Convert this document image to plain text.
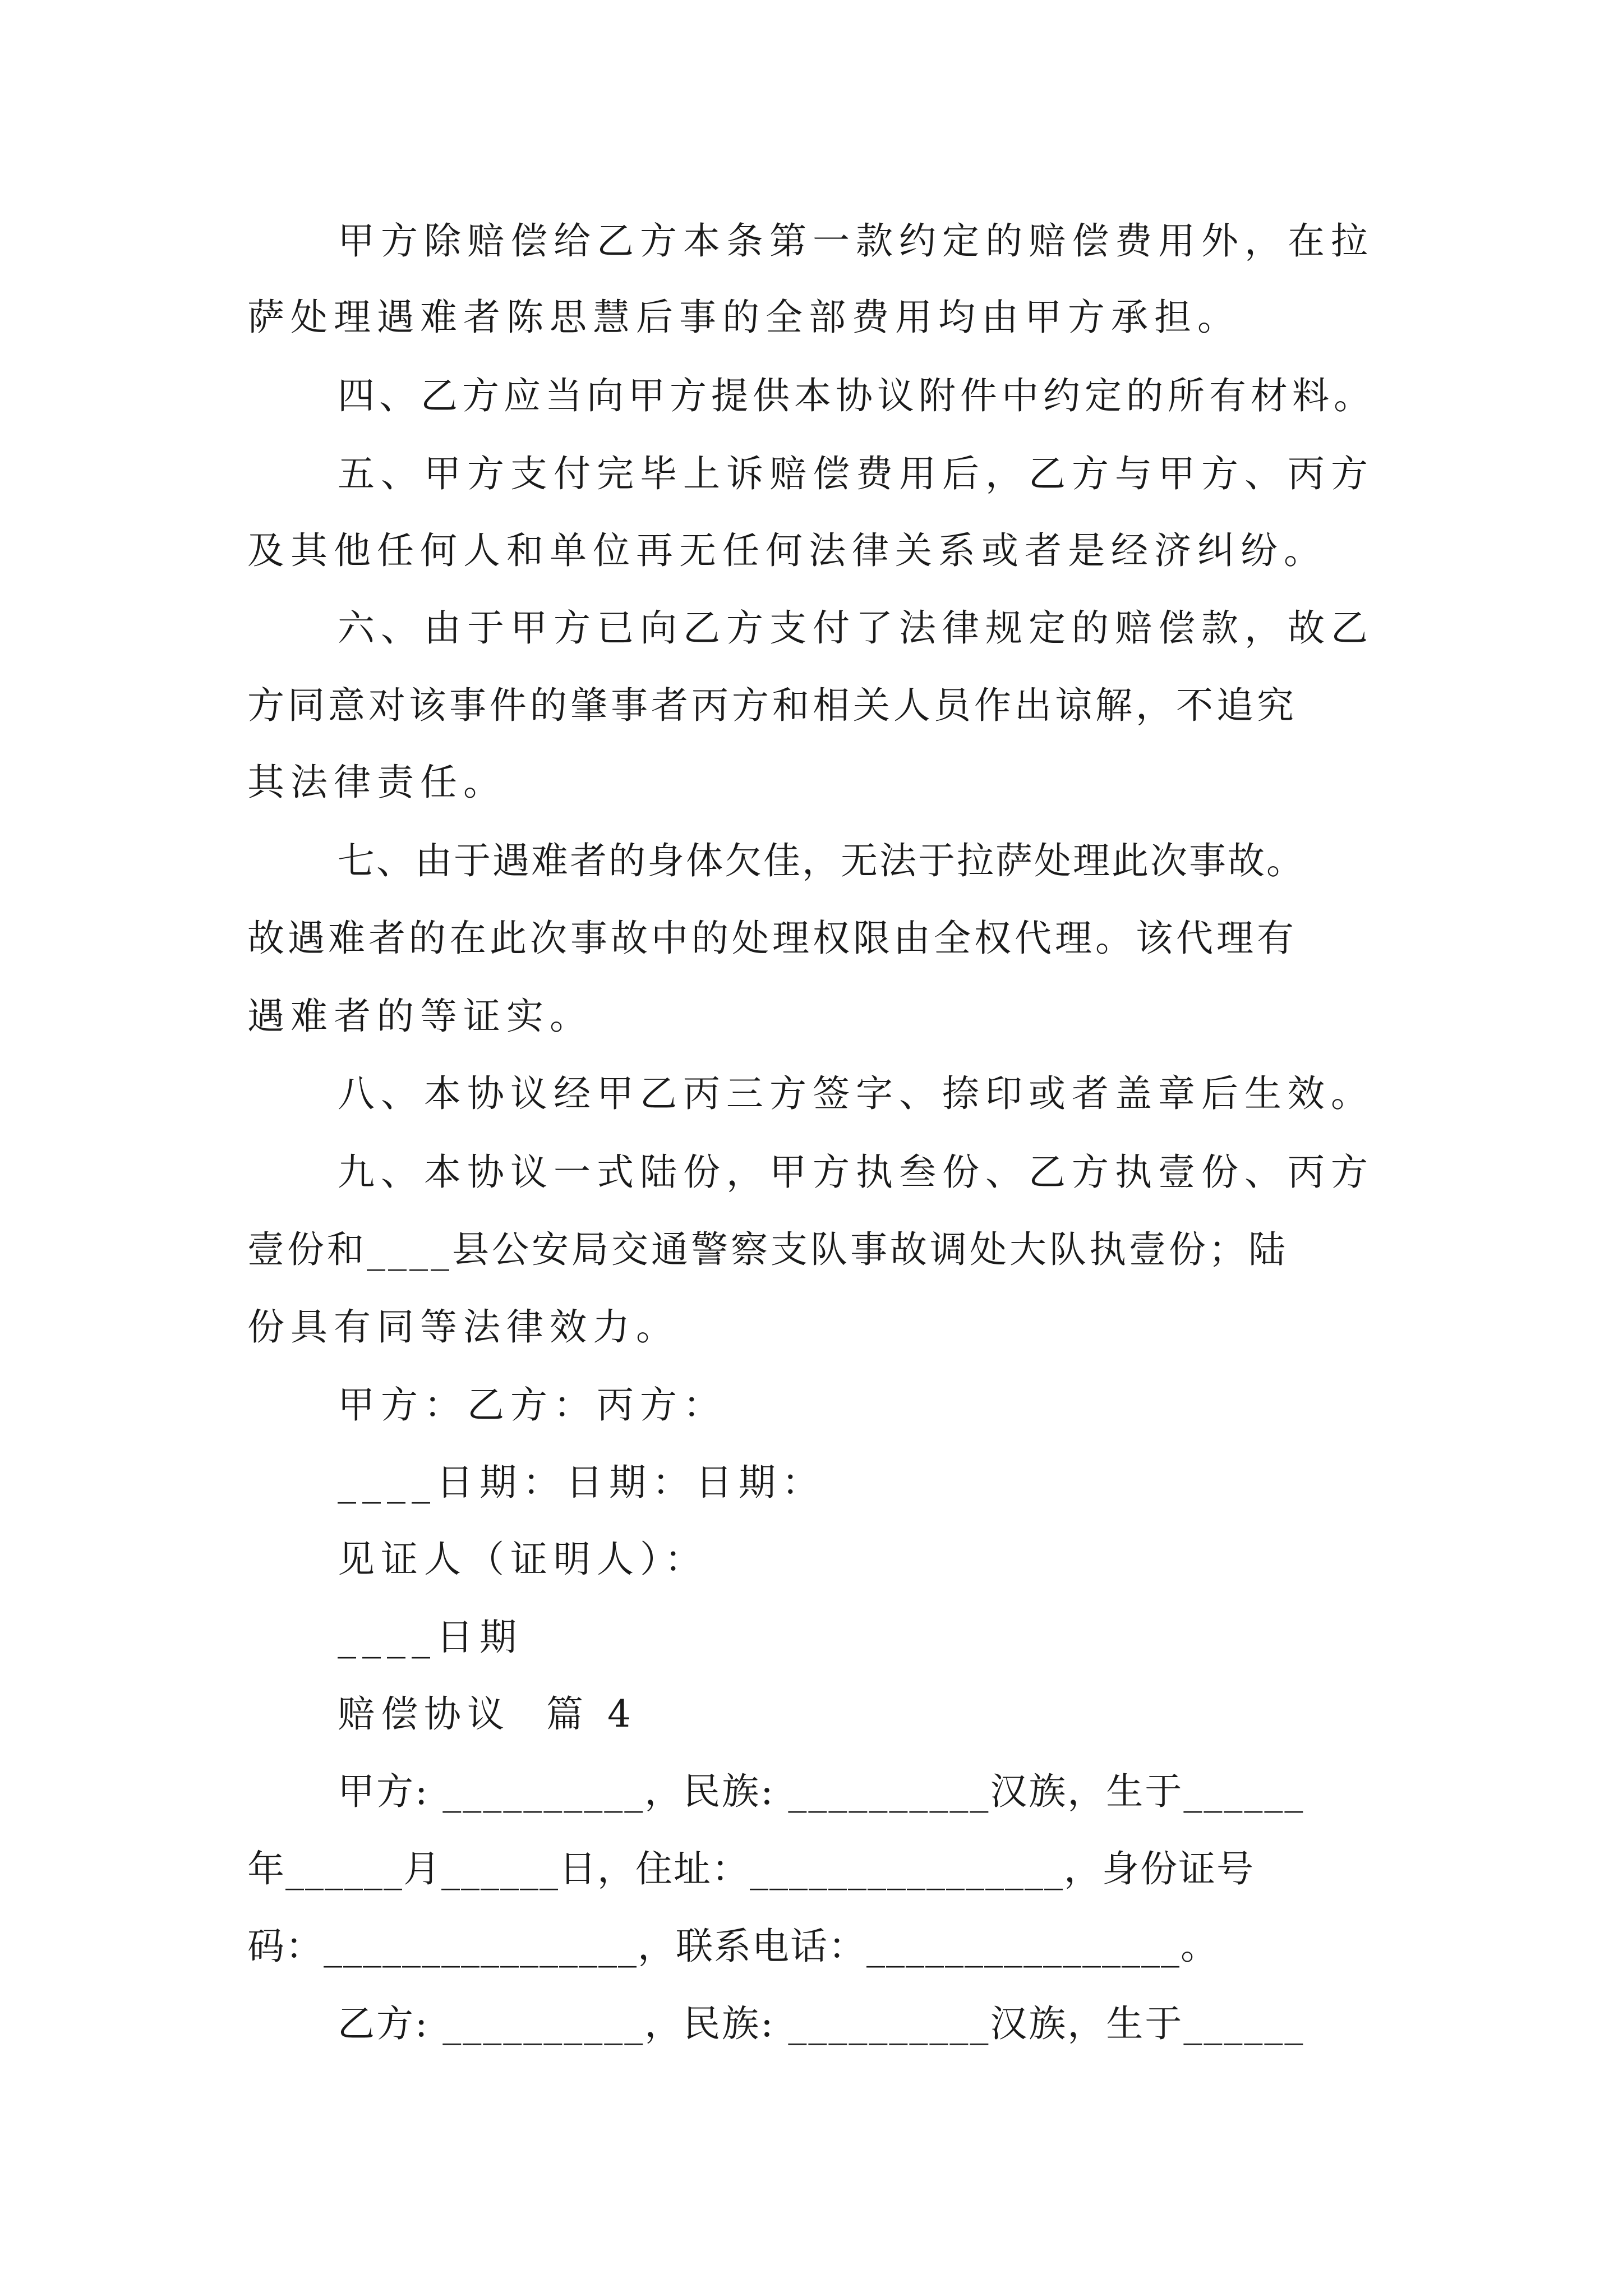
甲方除赔偿给乙方本条第一款约定的赔偿费用外，在拉

萨处理遇难者陈思慧后事的全部费用均由甲方承担。

四、乙方应当向甲方提供本协议附件中约定的所有材料。

五、甲方支付完毕上诉赔偿费用后，乙方与甲方、丙方

及其他任何人和单位再无任何法律关系或者是经济纠纷。

六、由于甲方已向乙方支付了法律规定的赔偿款，故乙

方同意对该事件的肇事者丙方和相关人员作出谅解，不追究

其法律责任。

七、由于遇难者的身体欠佳，无法于拉萨处理此次事故。

故遇难者的在此次事故中的处理权限由全权代理。该代理有

遇难者的等证实。

八、本协议经甲乙丙三方签字、捺印或者盖章后生效。

九、本协议一式陆份，甲方执叁份、乙方执壹份、丙方

壹份和____县公安局交通警察支队事故调处大队执壹份；陆

份具有同等法律效力。

甲方：乙方：丙方：

____日期：日期：日期：

见证人（证明人）：

____日期

赔偿协议  篇 4

甲方: __________，民族: __________汉族，生于______

年______月______日，住址：________________，身份证号

码：________________，联系电话：________________。

乙方: __________，民族: __________汉族，生于______
